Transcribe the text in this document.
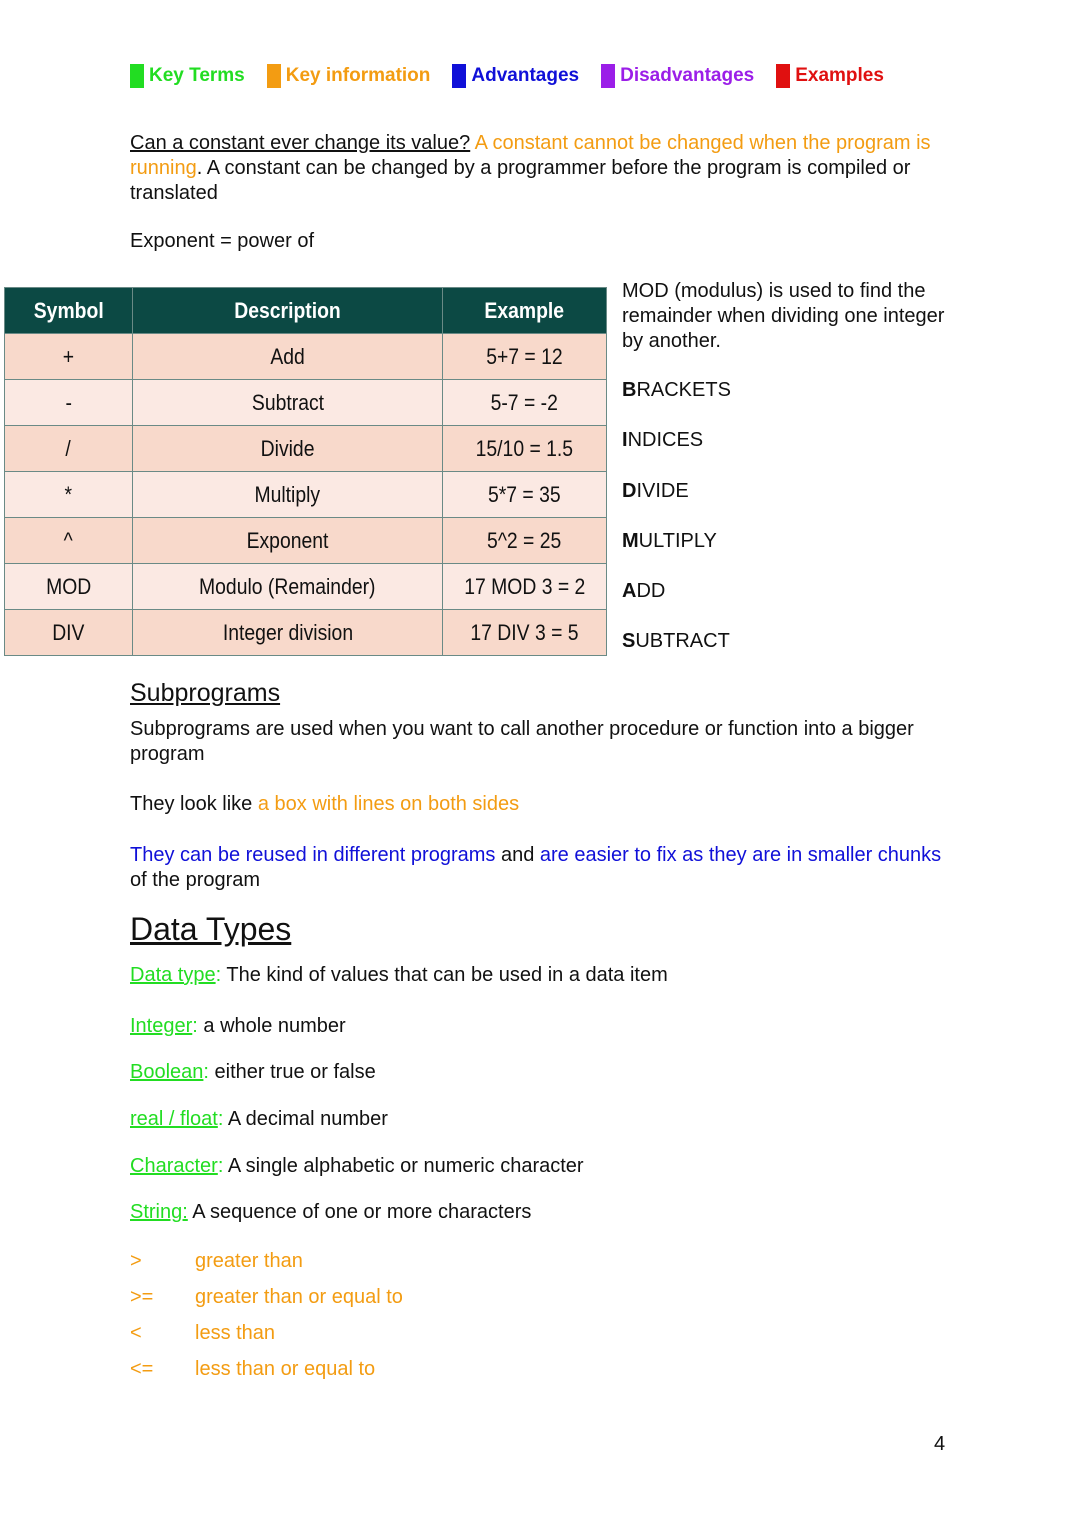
Key Terms Key information Advantages Disadvantages Examples
Can a constant ever change its value? A constant cannot be changed when the program is running. A constant can be changed by a programmer before the program is compiled or translated
Exponent = power of
Symbol	Description	Example
+	Add	5+7 = 12
-	Subtract	5-7 = -2
/	Divide	15/10 = 1.5
*	Multiply	5*7 = 35
^	Exponent	5^2 = 25
MOD	Modulo (Remainder)	17 MOD 3 = 2
DIV	Integer division	17 DIV 3 = 5
MOD (modulus) is used to find the remainder when dividing one integer by another.
BRACKETS
INDICES
DIVIDE
MULTIPLY
ADD
SUBTRACT
Subprograms
Subprograms are used when you want to call another procedure or function into a bigger program
They look like a box with lines on both sides
They can be reused in different programs and are easier to fix as they are in smaller chunks of the program
Data Types
Data type: The kind of values that can be used in a data item
Integer: a whole number
Boolean: either true or false
real / float: A decimal number
Character: A single alphabetic or numeric character
String: A sequence of one or more characters
>	greater than
>=	greater than or equal to
<	less than
<=	less than or equal to
4
